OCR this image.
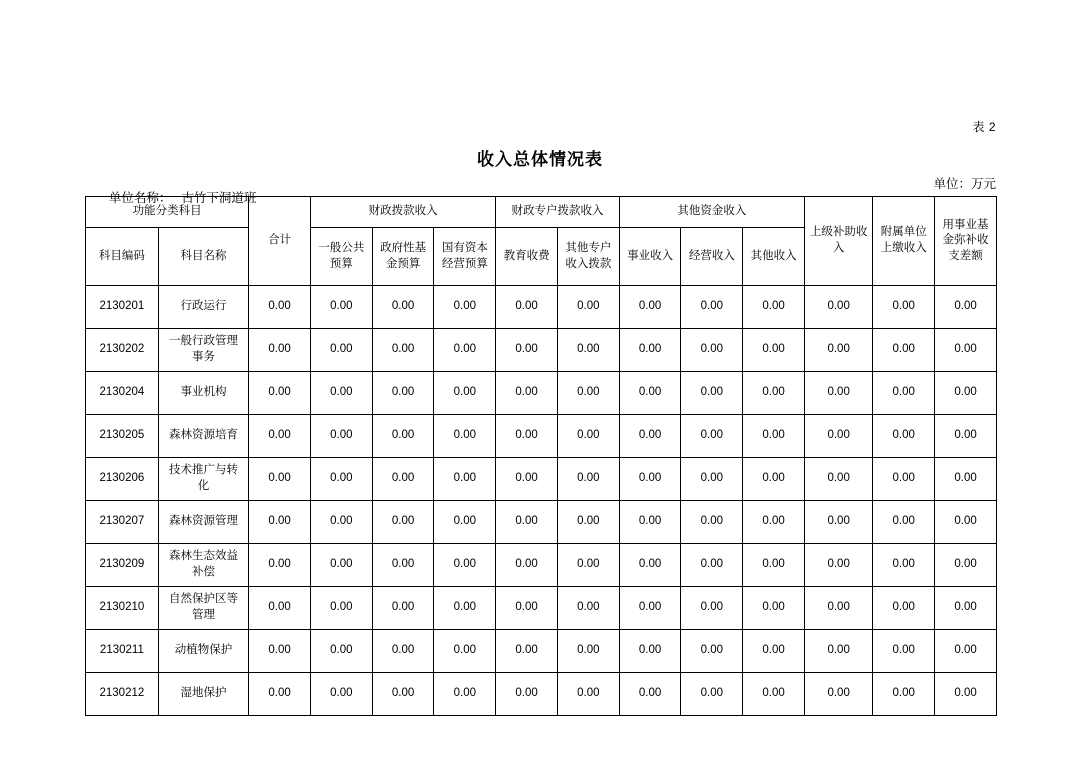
表 2
收入总体情况表

单位名称： 古竹下洞道班

单位：万元
功能分类科目		合计	财政拨款收入			财政专户拨款收入		其他资金收入			上级补助收入	附属单位上缴收入	用事业基金弥补收支差额
科目编码	科目名称		一般公共预算	政府性基金预算	国有资本经营预算	教育收费	其他专户收入拨款	事业收入	经营收入	其他收入			
2130201	行政运行	0.00	0.00	0.00	0.00	0.00	0.00	0.00	0.00	0.00	0.00	0.00	0.00
2130202	一般行政管理事务	0.00	0.00	0.00	0.00	0.00	0.00	0.00	0.00	0.00	0.00	0.00	0.00
2130204	事业机构	0.00	0.00	0.00	0.00	0.00	0.00	0.00	0.00	0.00	0.00	0.00	0.00
2130205	森林资源培育	0.00	0.00	0.00	0.00	0.00	0.00	0.00	0.00	0.00	0.00	0.00	0.00
2130206	技术推广与转化	0.00	0.00	0.00	0.00	0.00	0.00	0.00	0.00	0.00	0.00	0.00	0.00
2130207	森林资源管理	0.00	0.00	0.00	0.00	0.00	0.00	0.00	0.00	0.00	0.00	0.00	0.00
2130209	森林生态效益补偿	0.00	0.00	0.00	0.00	0.00	0.00	0.00	0.00	0.00	0.00	0.00	0.00
2130210	自然保护区等管理	0.00	0.00	0.00	0.00	0.00	0.00	0.00	0.00	0.00	0.00	0.00	0.00
2130211	动植物保护	0.00	0.00	0.00	0.00	0.00	0.00	0.00	0.00	0.00	0.00	0.00	0.00
2130212	湿地保护	0.00	0.00	0.00	0.00	0.00	0.00	0.00	0.00	0.00	0.00	0.00	0.00
